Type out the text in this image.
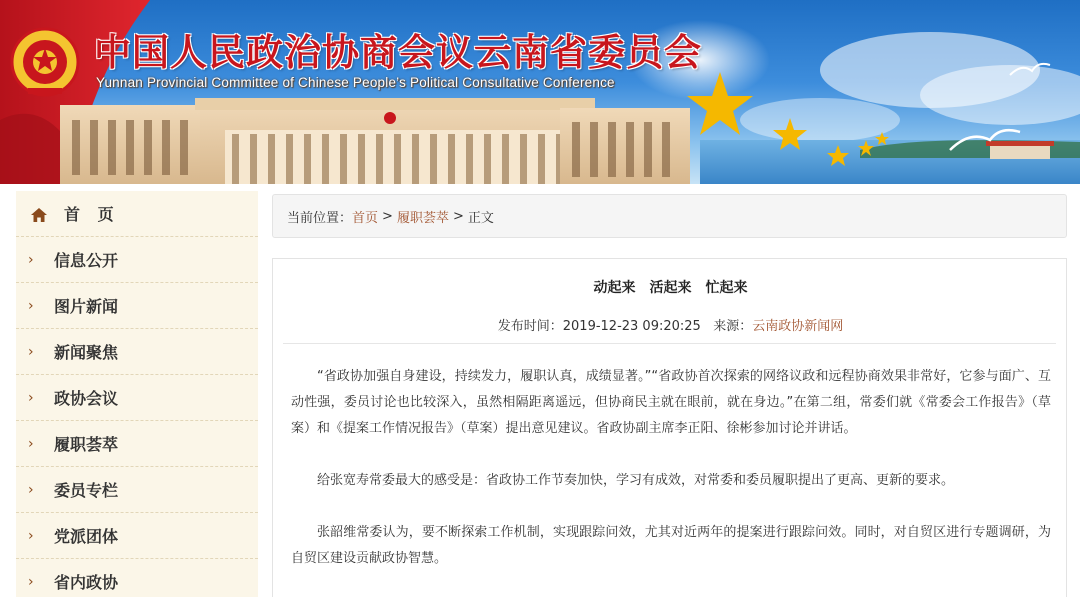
中国人民政治协商会议云南省委员会
Yunnan Provincial Committee of Chinese People’s Political Consultative Conference
首 页
› 信息公开
› 图片新闻
› 新闻聚焦
› 政协会议
› 履职荟萃
› 委员专栏
› 党派团体
› 省内政协
当前位置： 首页 > 履职荟萃 > 正文
动起来　活起来　忙起来
发布时间：2019-12-23 09:20:25 来源：云南政协新闻网

“省政协加强自身建设，持续发力，履职认真，成绩显著。”“省政协首次探索的网络议政和远程协商效果非常好，它参与面广、互动性强，委员讨论也比较深入，虽然相隔距离遥远，但协商民主就在眼前，就在身边。”在第二组，常委们就《常委会工作报告》（草案）和《提案工作情况报告》（草案）提出意见建议。省政协副主席李正阳、徐彬参加讨论并讲话。

给张宽寿常委最大的感受是：省政协工作节奏加快，学习有成效，对常委和委员履职提出了更高、更新的要求。

张韶维常委认为，要不断探索工作机制，实现跟踪问效，尤其对近两年的提案进行跟踪问效。同时，对自贸区进行专题调研，为自贸区建设贡献政协智慧。
